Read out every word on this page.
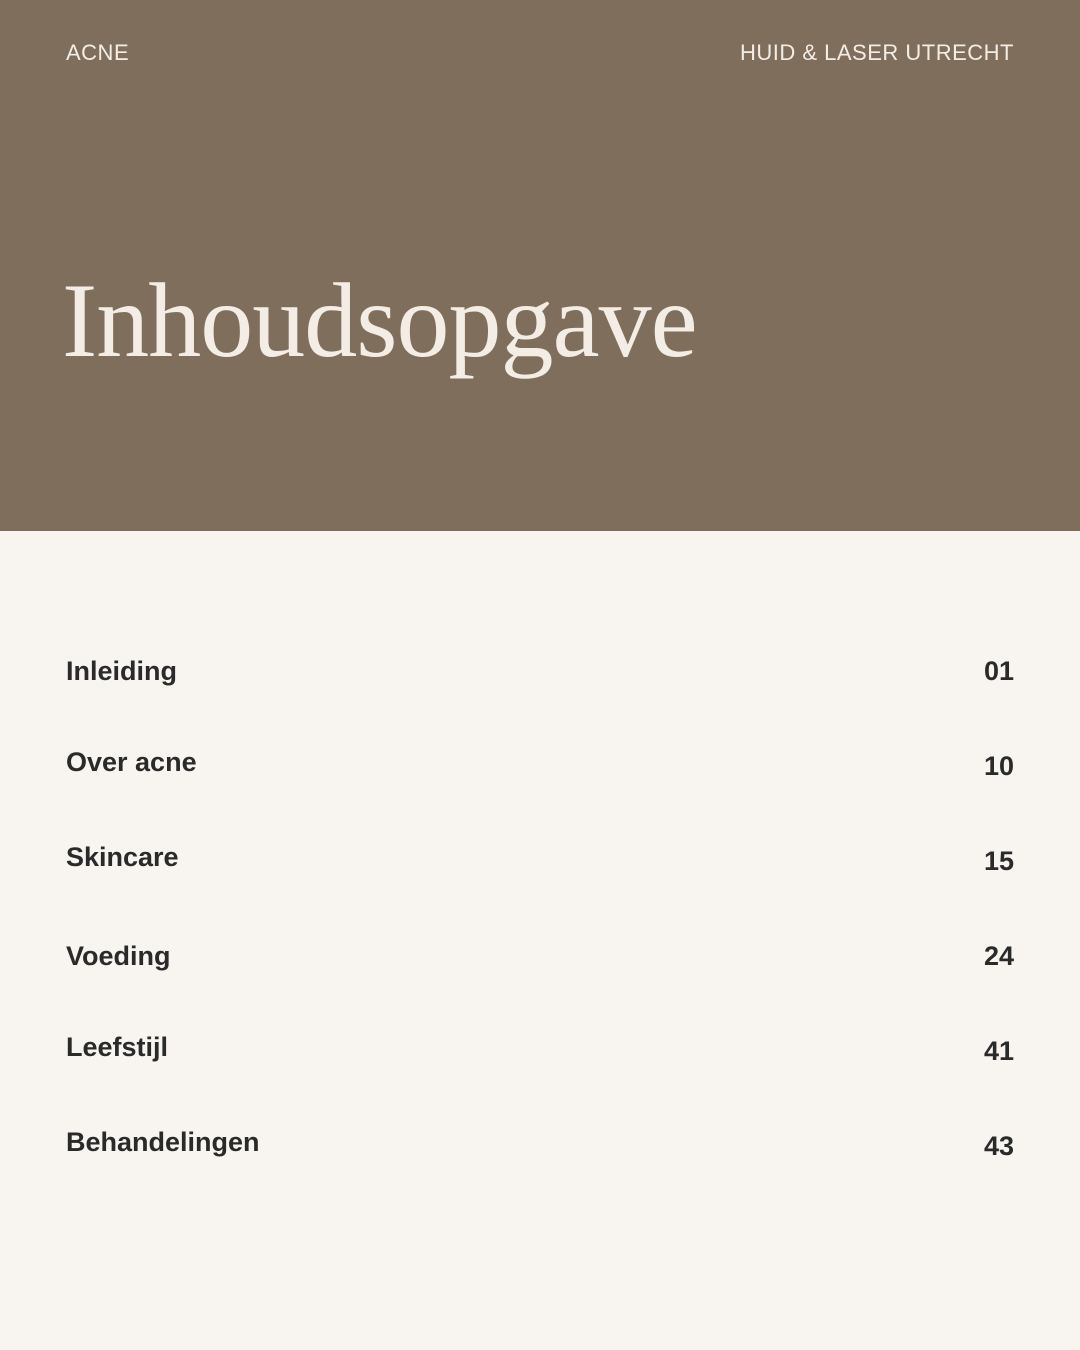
ACNE	HUID & LASER UTRECHT
Inhoudsopgave
Inleiding	01
Over acne	10
Skincare	15
Voeding	24
Leefstijl	41
Behandelingen	43
